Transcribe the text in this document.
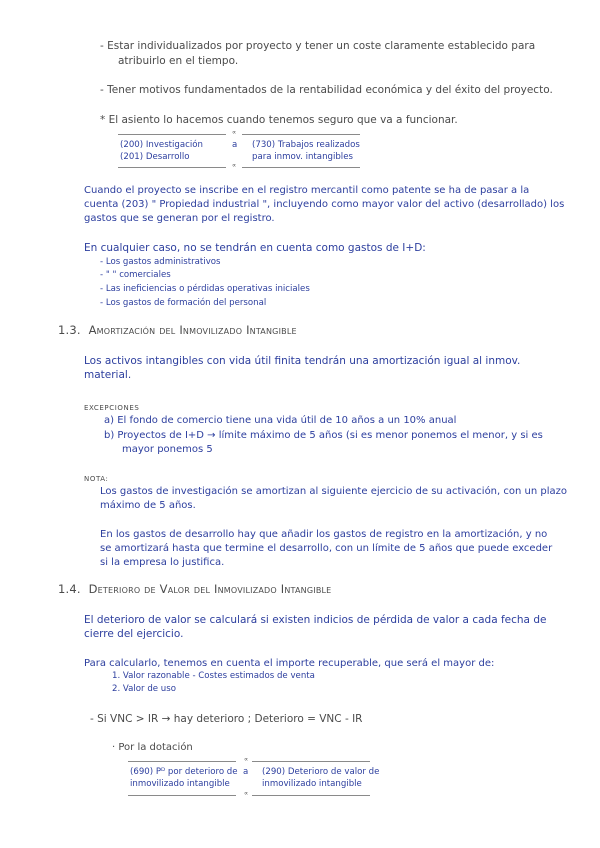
- Estar individualizados por proyecto y tener un coste claramente establecido para
atribuirlo en el tiempo.
- Tener motivos fundamentados de la rentabilidad económica y del éxito del proyecto.
* El asiento lo hacemos cuando tenemos seguro que va a funcionar.
∝
(200) Investigación
(201) Desarrollo
a (730) Trabajos realizados
para inmov. intangibles
∝
Cuando el proyecto se inscribe en el registro mercantil como patente se ha de pasar a la
cuenta (203) " Propiedad industrial ", incluyendo como mayor valor del activo (desarrollado) los
gastos que se generan por el registro.
En cualquier caso, no se tendrán en cuenta como gastos de I+D:
- Los gastos administrativos
- " " comerciales
- Las ineficiencias o pérdidas operativas iniciales
- Los gastos de formación del personal
1.3. Amortización del Inmovilizado Intangible
Los activos intangibles con vida útil finita tendrán una amortización igual al inmov.
material.
EXCEPCIONES
a) El fondo de comercio tiene una vida útil de 10 años a un 10% anual
b) Proyectos de I+D → límite máximo de 5 años (si es menor ponemos el menor, y si es
mayor ponemos 5
NOTA:
Los gastos de investigación se amortizan al siguiente ejercicio de su activación, con un plazo
máximo de 5 años.
En los gastos de desarrollo hay que añadir los gastos de registro en la amortización, y no
se amortizará hasta que termine el desarrollo, con un límite de 5 años que puede exceder
si la empresa lo justifica.
1.4. Deterioro de Valor del Inmovilizado Intangible
El deterioro de valor se calculará si existen indicios de pérdida de valor a cada fecha de
cierre del ejercicio.
Para calcularlo, tenemos en cuenta el importe recuperable, que será el mayor de:
1. Valor razonable - Costes estimados de venta
2. Valor de uso
- Si VNC > IR → hay deterioro ; Deterioro = VNC - IR
· Por la dotación
∝
(690) Pᴰ por deterioro de
inmovilizado intangible
a (290) Deterioro de valor de
inmovilizado intangible
∝
